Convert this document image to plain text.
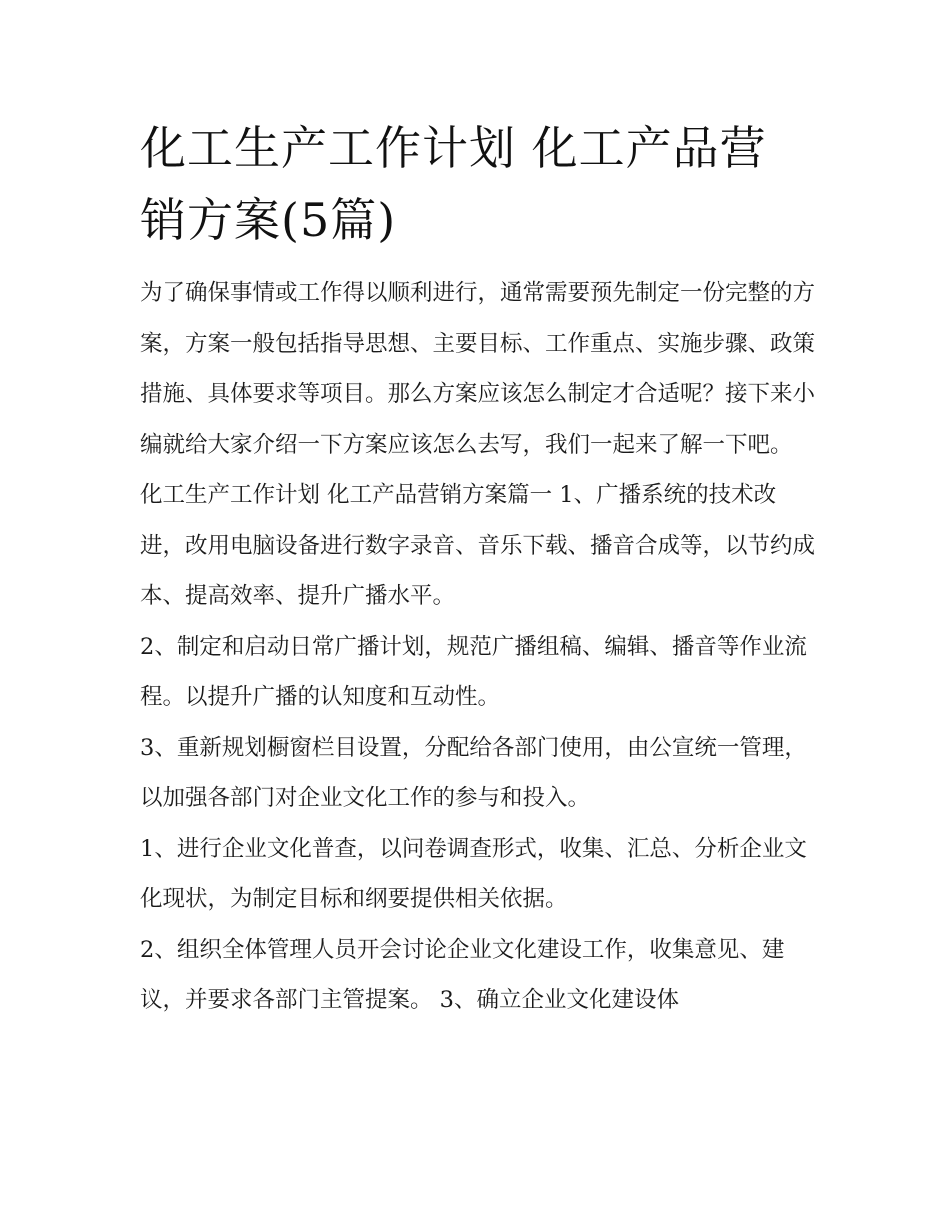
化工生产工作计划 化工产品营
销方案(5篇)

为了确保事情或工作得以顺利进行，通常需要预先制定一份完整的方案，方案一般包括指导思想、主要目标、工作重点、实施步骤、政策措施、具体要求等项目。那么方案应该怎么制定才合适呢？接下来小编就给大家介绍一下方案应该怎么去写，我们一起来了解一下吧。

化工生产工作计划 化工产品营销方案篇一 1、广播系统的技术改进，改用电脑设备进行数字录音、音乐下载、播音合成等，以节约成本、提高效率、提升广播水平。

2、制定和启动日常广播计划，规范广播组稿、编辑、播音等作业流程。以提升广播的认知度和互动性。

3、重新规划橱窗栏目设置，分配给各部门使用，由公宣统一管理，以加强各部门对企业文化工作的参与和投入。

1、进行企业文化普查，以问卷调查形式，收集、汇总、分析企业文化现状，为制定目标和纲要提供相关依据。

2、组织全体管理人员开会讨论企业文化建设工作，收集意见、建议，并要求各部门主管提案。 3、确立企业文化建设体
